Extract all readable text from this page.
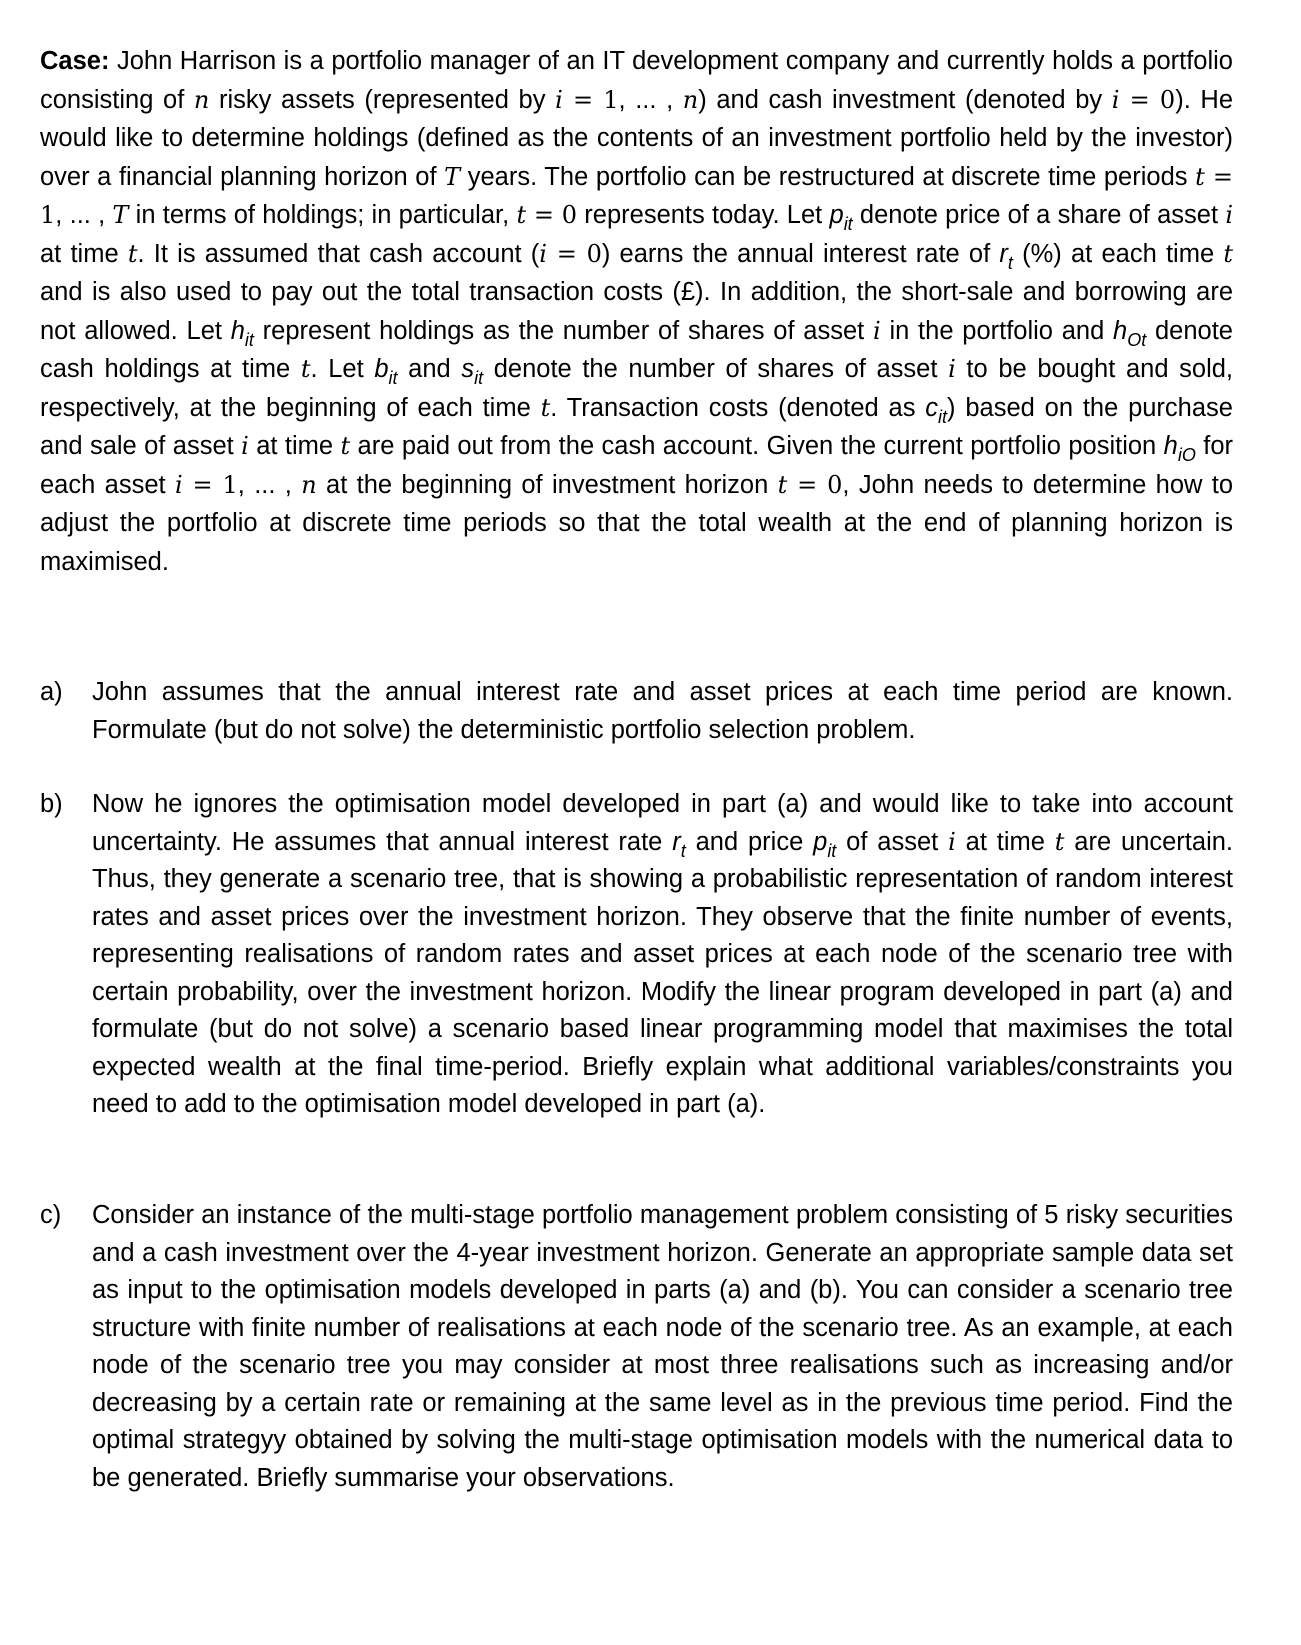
Case: John Harrison is a portfolio manager of an IT development company and currently holds a portfolio consisting of n risky assets (represented by i = 1, ... , n) and cash investment (denoted by i = 0). He would like to determine holdings (defined as the contents of an investment portfolio held by the investor) over a financial planning horizon of T years. The portfolio can be restructured at discrete time periods t = 1, ... , T in terms of holdings; in particular, t = 0 represents today. Let $p_{it}$ denote price of a share of asset i at time t. It is assumed that cash account (i = 0) earns the annual interest rate of $r_t$ (%) at each time t and is also used to pay out the total transaction costs (£). In addition, the short-sale and borrowing are not allowed. Let $h_{it}$ represent holdings as the number of shares of asset i in the portfolio and $h_{Ot}$ denote cash holdings at time t. Let $b_{it}$ and $s_{it}$ denote the number of shares of asset i to be bought and sold, respectively, at the beginning of each time t. Transaction costs (denoted as $c_{it}$) based on the purchase and sale of asset i at time t are paid out from the cash account. Given the current portfolio position $h_{iO}$ for each asset i = 1, ... , n at the beginning of investment horizon t = 0, John needs to determine how to adjust the portfolio at discrete time periods so that the total wealth at the end of planning horizon is maximised.
a)	John assumes that the annual interest rate and asset prices at each time period are known. Formulate (but do not solve) the deterministic portfolio selection problem.
b)	Now he ignores the optimisation model developed in part (a) and would like to take into account uncertainty. He assumes that annual interest rate $r_t$ and price $p_{it}$ of asset i at time t are uncertain. Thus, they generate a scenario tree, that is showing a probabilistic representation of random interest rates and asset prices over the investment horizon. They observe that the finite number of events, representing realisations of random rates and asset prices at each node of the scenario tree with certain probability, over the investment horizon. Modify the linear program developed in part (a) and formulate (but do not solve) a scenario based linear programming model that maximises the total expected wealth at the final time-period. Briefly explain what additional variables/constraints you need to add to the optimisation model developed in part (a).
c)	Consider an instance of the multi-stage portfolio management problem consisting of 5 risky securities and a cash investment over the 4-year investment horizon. Generate an appropriate sample data set as input to the optimisation models developed in parts (a) and (b). You can consider a scenario tree structure with finite number of realisations at each node of the scenario tree. As an example, at each node of the scenario tree you may consider at most three realisations such as increasing and/or decreasing by a certain rate or remaining at the same level as in the previous time period. Find the optimal strategyy obtained by solving the multi-stage optimisation models with the numerical data to be generated. Briefly summarise your observations.
